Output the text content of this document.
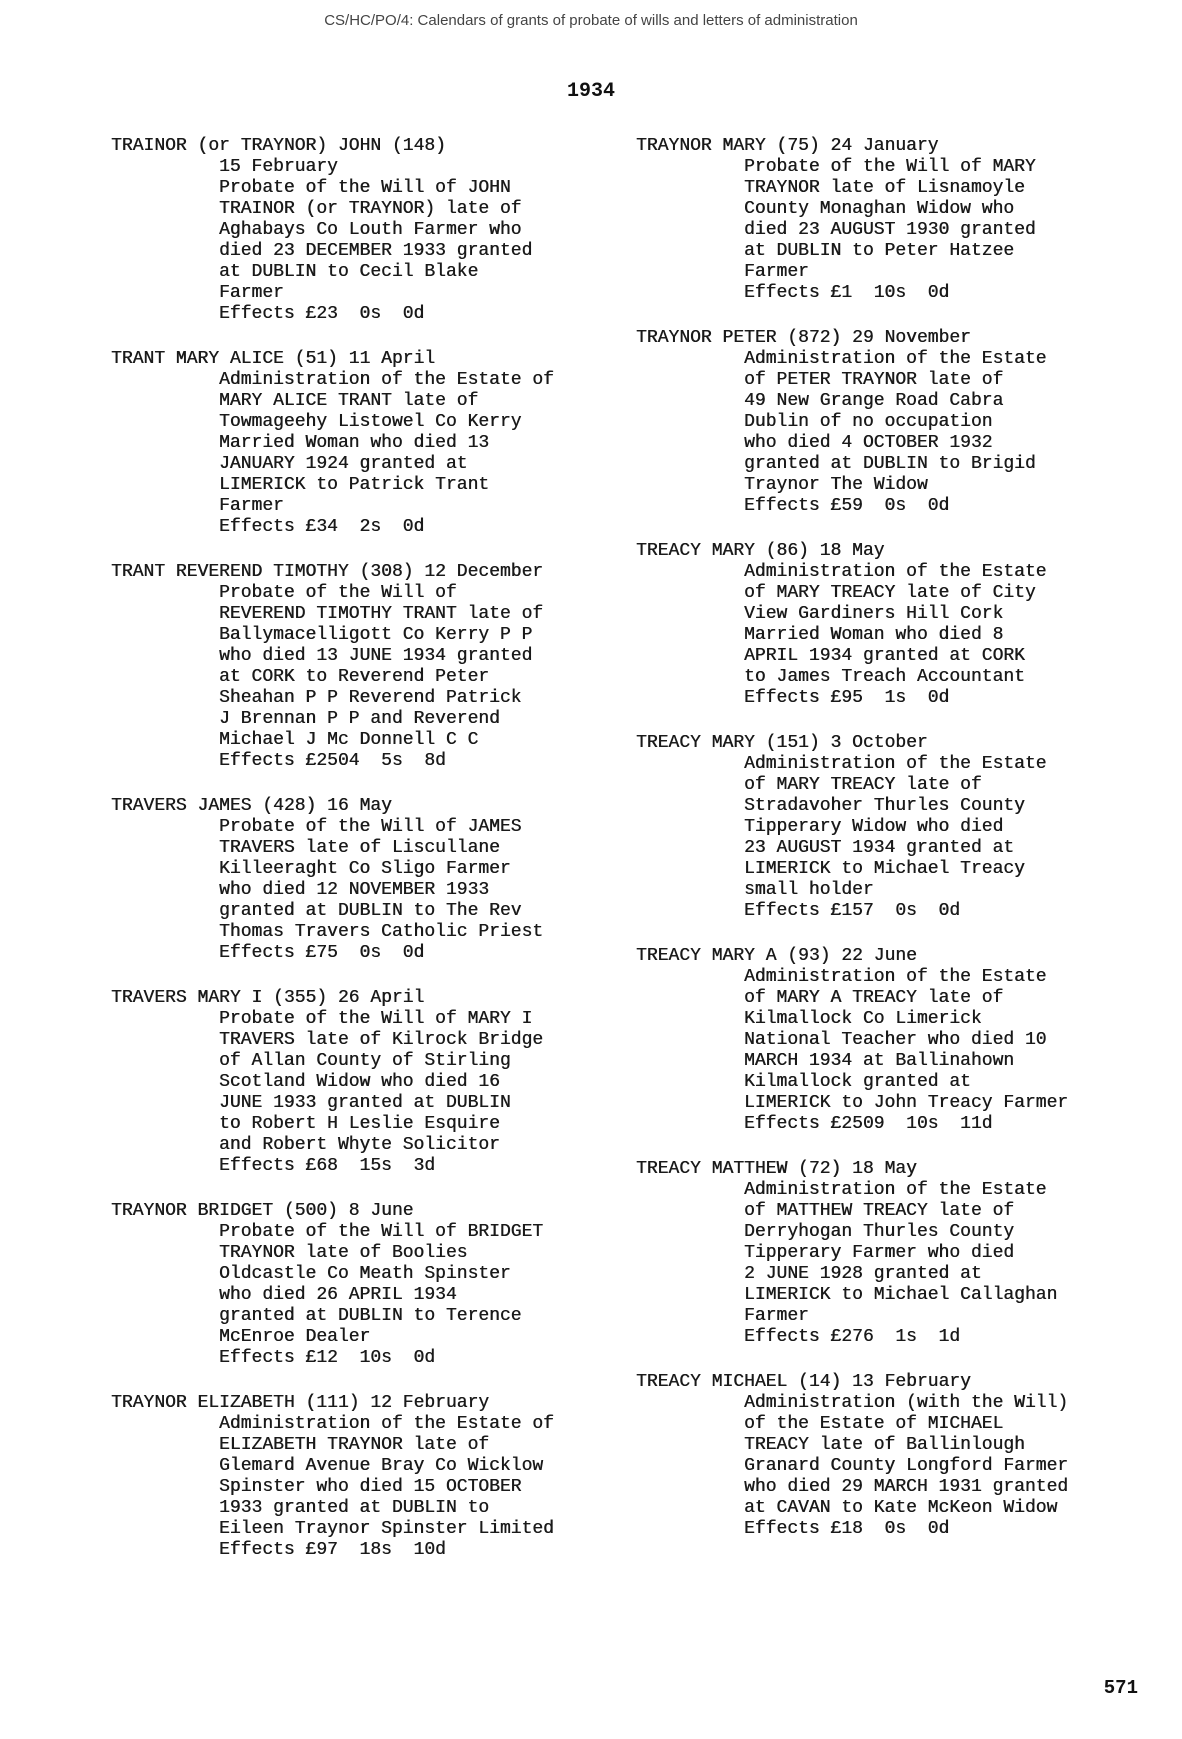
CS/HC/PO/4: Calendars of grants of probate of wills and letters of administration
1934
TRAINOR (or TRAYNOR) JOHN (148)
15 February
Probate of the Will of JOHN
TRAINOR (or TRAYNOR) late of
Aghabays Co Louth Farmer who
died 23 DECEMBER 1933 granted
at DUBLIN to Cecil Blake
Farmer
Effects £23  0s  0d
TRANT MARY ALICE (51) 11 April
Administration of the Estate of
MARY ALICE TRANT late of
Towmageehy Listowel Co Kerry
Married Woman who died 13
JANUARY 1924 granted at
LIMERICK to Patrick Trant
Farmer
Effects £34  2s  0d
TRANT REVEREND TIMOTHY (308) 12 December
Probate of the Will of
REVEREND TIMOTHY TRANT late of
Ballymacelligott Co Kerry P P
who died 13 JUNE 1934 granted
at CORK to Reverend Peter
Sheahan P P Reverend Patrick
J Brennan P P and Reverend
Michael J Mc Donnell C C
Effects £2504  5s  8d
TRAVERS JAMES (428) 16 May
Probate of the Will of JAMES
TRAVERS late of Liscullane
Killeeraght Co Sligo Farmer
who died 12 NOVEMBER 1933
granted at DUBLIN to The Rev
Thomas Travers Catholic Priest
Effects £75  0s  0d
TRAVERS MARY I (355) 26 April
Probate of the Will of MARY I
TRAVERS late of Kilrock Bridge
of Allan County of Stirling
Scotland Widow who died 16
JUNE 1933 granted at DUBLIN
to Robert H Leslie Esquire
and Robert Whyte Solicitor
Effects £68  15s  3d
TRAYNOR BRIDGET (500) 8 June
Probate of the Will of BRIDGET
TRAYNOR late of Boolies
Oldcastle Co Meath Spinster
who died 26 APRIL 1934
granted at DUBLIN to Terence
McEnroe Dealer
Effects £12  10s  0d
TRAYNOR ELIZABETH (111) 12 February
Administration of the Estate of
ELIZABETH TRAYNOR late of
Glemard Avenue Bray Co Wicklow
Spinster who died 15 OCTOBER
1933 granted at DUBLIN to
Eileen Traynor Spinster Limited
Effects £97  18s  10d
TRAYNOR MARY (75) 24 January
Probate of the Will of MARY
TRAYNOR late of Lisnamoyle
County Monaghan Widow who
died 23 AUGUST 1930 granted
at DUBLIN to Peter Hatzee
Farmer
Effects £1  10s  0d
TRAYNOR PETER (872) 29 November
Administration of the Estate
of PETER TRAYNOR late of
49 New Grange Road Cabra
Dublin of no occupation
who died 4 OCTOBER 1932
granted at DUBLIN to Brigid
Traynor The Widow
Effects £59  0s  0d
TREACY MARY (86) 18 May
Administration of the Estate
of MARY TREACY late of City
View Gardiners Hill Cork
Married Woman who died 8
APRIL 1934 granted at CORK
to James Treach Accountant
Effects £95  1s  0d
TREACY MARY (151) 3 October
Administration of the Estate
of MARY TREACY late of
Stradavoher Thurles County
Tipperary Widow who died
23 AUGUST 1934 granted at
LIMERICK to Michael Treacy
small holder
Effects £157  0s  0d
TREACY MARY A (93) 22 June
Administration of the Estate
of MARY A TREACY late of
Kilmallock Co Limerick
National Teacher who died 10
MARCH 1934 at Ballinahown
Kilmallock granted at
LIMERICK to John Treacy Farmer
Effects £2509  10s  11d
TREACY MATTHEW (72) 18 May
Administration of the Estate
of MATTHEW TREACY late of
Derryhogan Thurles County
Tipperary Farmer who died
2 JUNE 1928 granted at
LIMERICK to Michael Callaghan
Farmer
Effects £276  1s  1d
TREACY MICHAEL (14) 13 February
Administration (with the Will)
of the Estate of MICHAEL
TREACY late of Ballinlough
Granard County Longford Farmer
who died 29 MARCH 1931 granted
at CAVAN to Kate McKeon Widow
Effects £18  0s  0d
571
